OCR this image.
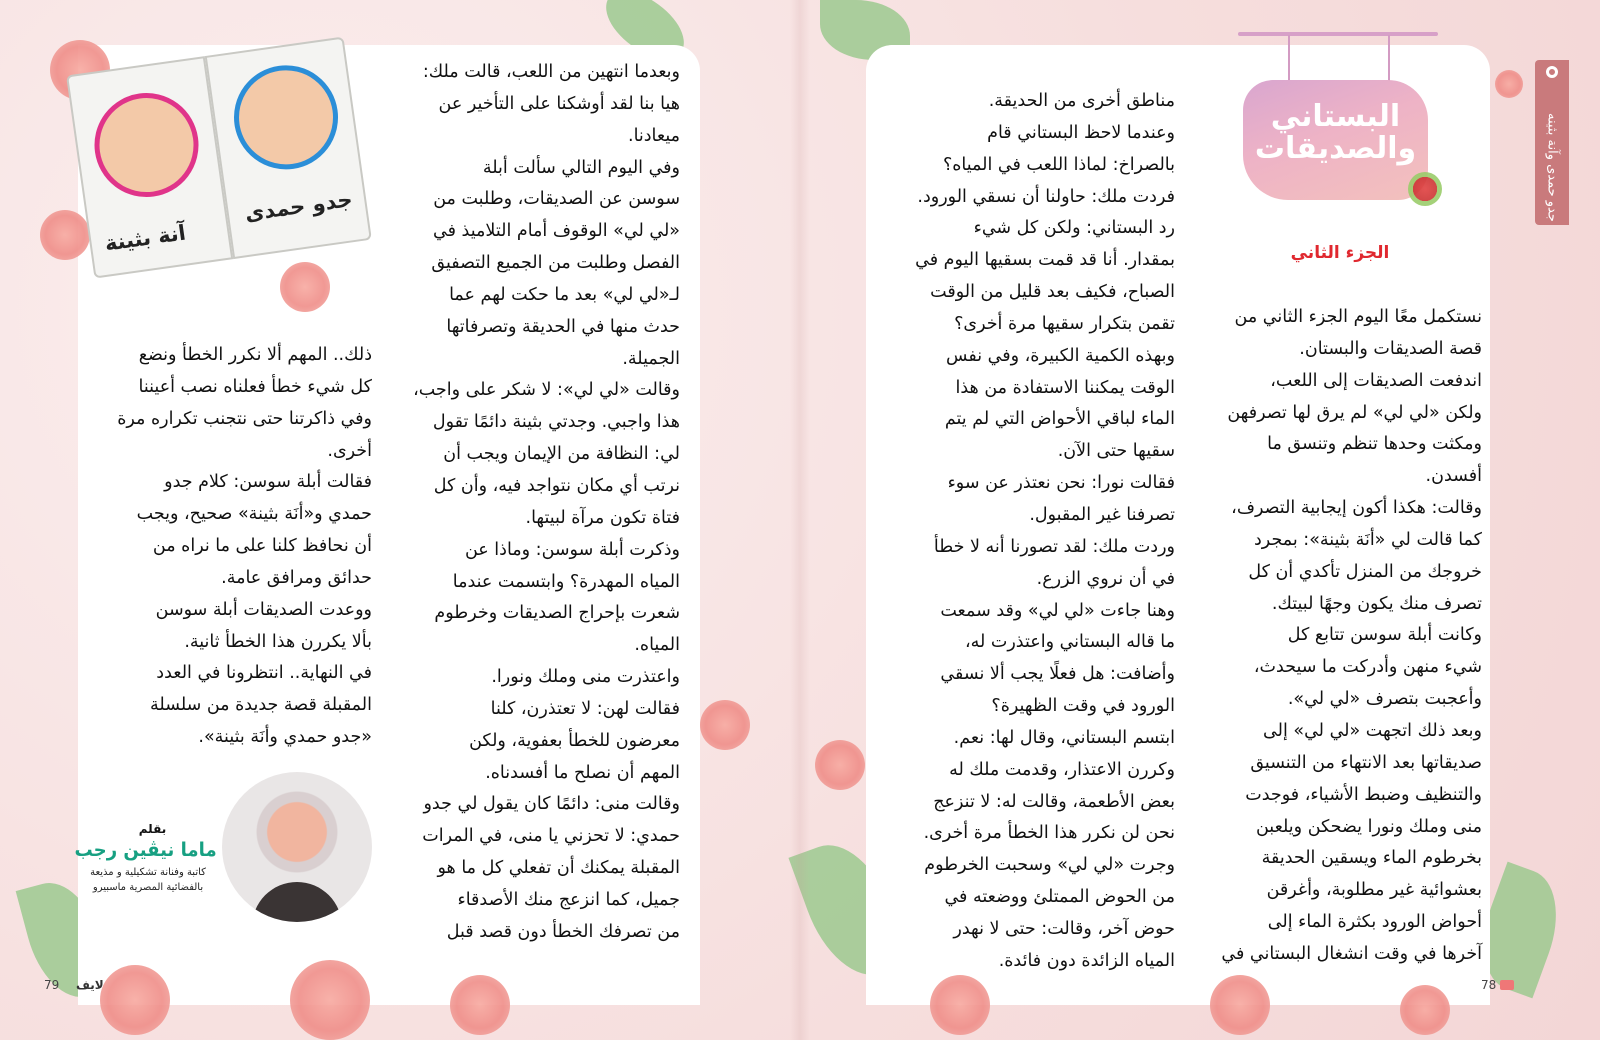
جدو حمدى وآنة بثينه
البستاني
والصديقات
الجزء الثاني
آنة بثينة
جدو حمدى
نستكمل معًا اليوم الجزء الثاني من
قصة الصديقات والبستان.
اندفعت الصديقات إلى اللعب،
ولكن «لي لي» لم يرق لها تصرفهن
ومكثت وحدها تنظم وتنسق ما
أفسدن.
وقالت: هكذا أكون إيجابية التصرف،
كما قالت لي «أنَة بثينة»: بمجرد
خروجك من المنزل تأكدي أن كل
تصرف منك يكون وجهًا لبيتك.
وكانت أبلة سوسن تتابع كل
شيء منهن وأدركت ما سيحدث،
وأعجبت بتصرف «لي لي».
وبعد ذلك اتجهت «لي لي» إلى
صديقاتها بعد الانتهاء من التنسيق
والتنظيف وضبط الأشياء، فوجدت
منى وملك ونورا يضحكن ويلعبن
بخرطوم الماء ويسقين الحديقة
بعشوائية غير مطلوبة، وأغرقن
أحواض الورود بكثرة الماء إلى
آخرها في وقت انشغال البستاني في
مناطق أخرى من الحديقة.
وعندما لاحظ البستاني قام
بالصراخ: لماذا اللعب في المياه؟
فردت ملك: حاولنا أن نسقي الورود.
رد البستاني: ولكن كل شيء
بمقدار. أنا قد قمت بسقيها اليوم في
الصباح، فكيف بعد قليل من الوقت
تقمن بتكرار سقيها مرة أخرى؟
وبهذه الكمية الكبيرة، وفي نفس
الوقت يمكننا الاستفادة من هذا
الماء لباقي الأحواض التي لم يتم
سقيها حتى الآن.
فقالت نورا: نحن نعتذر عن سوء
تصرفنا غير المقبول.
وردت ملك: لقد تصورنا أنه لا خطأ
في أن نروي الزرع.
وهنا جاءت «لي لي» وقد سمعت
ما قاله البستاني واعتذرت له،
وأضافت: هل فعلًا يجب ألا نسقي
الورود في وقت الظهيرة؟
ابتسم البستاني، وقال لها: نعم.
وكررن الاعتذار، وقدمت ملك له
بعض الأطعمة، وقالت له: لا تنزعج
نحن لن نكرر هذا الخطأ مرة أخرى.
وجرت «لي لي» وسحبت الخرطوم
من الحوض الممتلئ ووضعته في
حوض آخر، وقالت: حتى لا نهدر
المياه الزائدة دون فائدة.
وبعدما انتهين من اللعب، قالت ملك:
هيا بنا لقد أوشكنا على التأخير عن
ميعادنا.
وفي اليوم التالي سألت أبلة
سوسن عن الصديقات، وطلبت من
«لي لي» الوقوف أمام التلاميذ في
الفصل وطلبت من الجميع التصفيق
لـ«لي لي» بعد ما حكت لهم عما
حدث منها في الحديقة وتصرفاتها
الجميلة.
وقالت «لي لي»: لا شكر على واجب،
هذا واجبي. وجدتي بثينة دائمًا تقول
لي: النظافة من الإيمان ويجب أن
نرتب أي مكان نتواجد فيه، وأن كل
فتاة تكون مرآة لبيتها.
وذكرت أبلة سوسن: وماذا عن
المياه المهدرة؟ وابتسمت عندما
شعرت بإحراج الصديقات وخرطوم
المياه.
واعتذرت منى وملك ونورا.
فقالت لهن: لا تعتذرن، كلنا
معرضون للخطأ بعفوية، ولكن
المهم أن نصلح ما أفسدناه.
وقالت منى: دائمًا كان يقول لي جدو
حمدي: لا تحزني يا منى، في المرات
المقبلة يمكنك أن تفعلي كل ما هو
جميل، كما انزعج منك الأصدقاء
من تصرفك الخطأ دون قصد قبل
ذلك.. المهم ألا نكرر الخطأ ونضع
كل شيء خطأ فعلناه نصب أعيننا
وفي ذاكرتنا حتى نتجنب تكراره مرة
أخرى.
فقالت أبلة سوسن: كلام جدو
حمدي و«أنَة بثينة» صحيح، ويجب
أن نحافظ كلنا على ما نراه من
حدائق ومرافق عامة.
ووعدت الصديقات أبلة سوسن
بألا يكررن هذا الخطأ ثانية.
في النهاية.. انتظرونا في العدد
المقبلة قصة جديدة من سلسلة
«جدو حمدي وأنَة بثينة».
بقلم
ماما نيڤين رجب
كاتبة وفنانة تشكيلية و مذيعة
بالفضائية المصرية ماسبيرو
79 لايف	78
